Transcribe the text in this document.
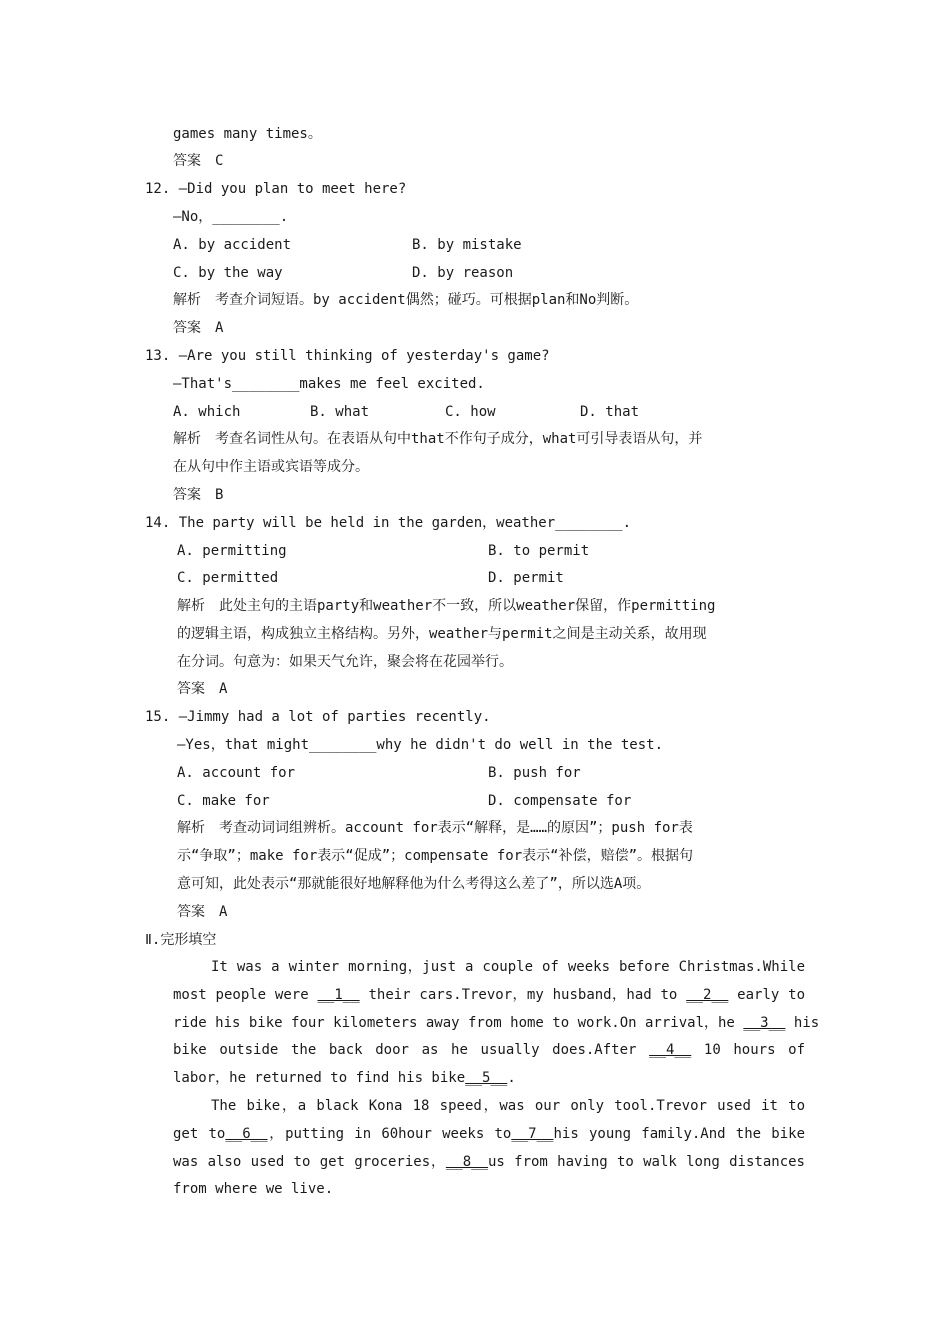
games many times。
答案　C
12. —Did you plan to meet here?
—No，________.
A. by accident	B. by mistake
C. by the way	D. by reason
解析　考查介词短语。by accident偶然；碰巧。可根据plan和No判断。
答案　A
13. —Are you still thinking of yesterday's game?
—That's________makes me feel excited.
A. which	B. what	C. how	D. that
解析　考查名词性从句。在表语从句中that不作句子成分，what可引导表语从句，并
在从句中作主语或宾语等成分。
答案　B
14. The party will be held in the garden，weather________.
A. permitting	B. to permit
C. permitted	D. permit
解析　此处主句的主语party和weather不一致，所以weather保留，作permitting
的逻辑主语，构成独立主格结构。另外，weather与permit之间是主动关系，故用现
在分词。句意为：如果天气允许，聚会将在花园举行。
答案　A
15. —Jimmy had a lot of parties recently.
—Yes，that might________why he didn't do well in the test.
A. account for	B. push for
C. make for	D. compensate for
解析　考查动词词组辨析。account for表示“解释，是……的原因”；push for表
示“争取”；make for表示“促成”；compensate for表示“补偿，赔偿”。根据句
意可知，此处表示“那就能很好地解释他为什么考得这么差了”，所以选A项。
答案　A
Ⅱ.完形填空
It was a winter morning，just a couple of weeks before Christmas.While
most people were __1__ their cars.Trevor，my husband，had to __2__ early to
ride his bike four kilometers away from home to work.On arrival，he __3__ his
bike outside the back door as he usually does.After __4__ 10 hours of
labor，he returned to find his bike__5__.
The bike，a black Kona 18 speed，was our only tool.Trevor used it to
get to__6__，putting in 60hour weeks to__7__his young family.And the bike
was also used to get groceries，__8__us from having to walk long distances
from where we live.
